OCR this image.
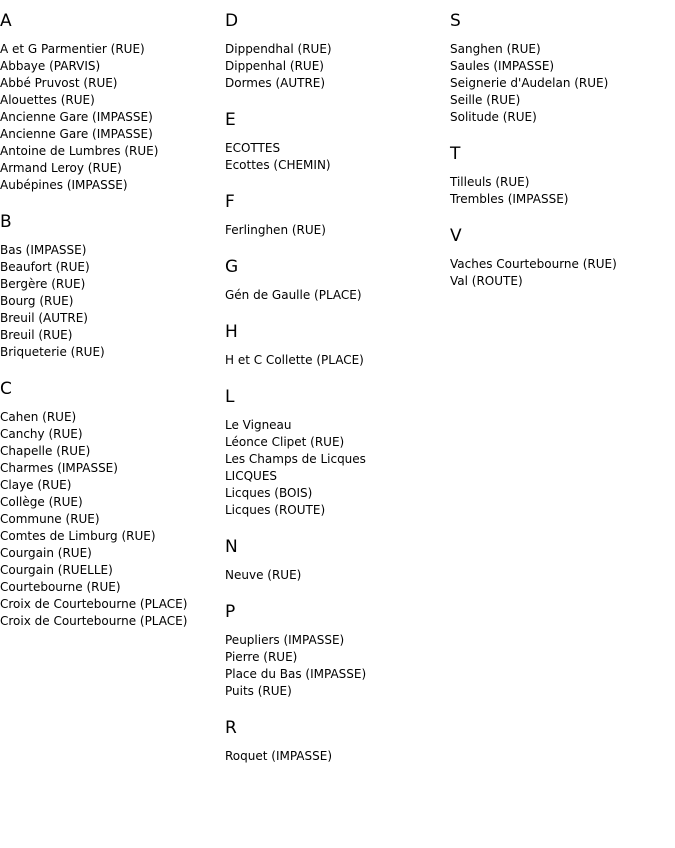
A
A et G Parmentier (RUE)
Abbaye (PARVIS)
Abbé Pruvost (RUE)
Alouettes (RUE)
Ancienne Gare (IMPASSE)
Ancienne Gare (IMPASSE)
Antoine de Lumbres (RUE)
Armand Leroy (RUE)
Aubépines (IMPASSE)
B
Bas (IMPASSE)
Beaufort (RUE)
Bergère (RUE)
Bourg (RUE)
Breuil (AUTRE)
Breuil (RUE)
Briqueterie (RUE)
C
Cahen (RUE)
Canchy (RUE)
Chapelle (RUE)
Charmes (IMPASSE)
Claye (RUE)
Collège (RUE)
Commune (RUE)
Comtes de Limburg (RUE)
Courgain (RUE)
Courgain (RUELLE)
Courtebourne (RUE)
Croix de Courtebourne (PLACE)
Croix de Courtebourne (PLACE)
D
Dippendhal (RUE)
Dippenhal (RUE)
Dormes (AUTRE)
E
ECOTTES
Ecottes (CHEMIN)
F
Ferlinghen (RUE)
G
Gén de Gaulle (PLACE)
H
H et C Collette (PLACE)
L
Le Vigneau
Léonce Clipet (RUE)
Les Champs de Licques
LICQUES
Licques (BOIS)
Licques (ROUTE)
N
Neuve (RUE)
P
Peupliers (IMPASSE)
Pierre (RUE)
Place du Bas (IMPASSE)
Puits (RUE)
R
Roquet (IMPASSE)
S
Sanghen (RUE)
Saules (IMPASSE)
Seignerie d'Audelan (RUE)
Seille (RUE)
Solitude (RUE)
T
Tilleuls (RUE)
Trembles (IMPASSE)
V
Vaches Courtebourne (RUE)
Val (ROUTE)
